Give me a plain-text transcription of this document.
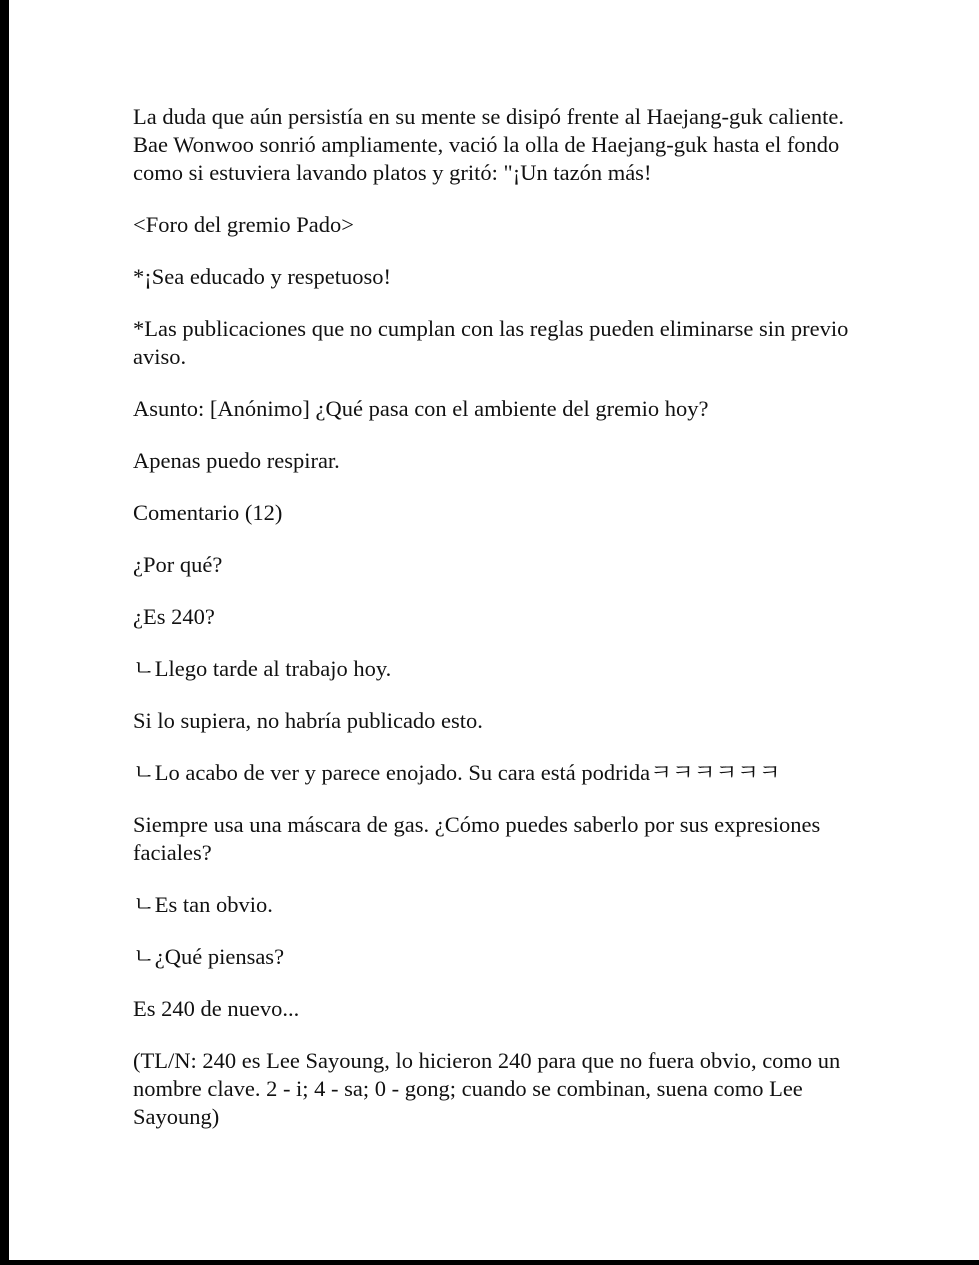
La duda que aún persistía en su mente se disipó frente al Haejang-guk caliente. Bae Wonwoo sonrió ampliamente, vació la olla de Haejang-guk hasta el fondo como si estuviera lavando platos y gritó: "¡Un tazón más!

<Foro del gremio Pado>

*¡Sea educado y respetuoso!

*Las publicaciones que no cumplan con las reglas pueden eliminarse sin previo aviso.

Asunto: [Anónimo] ¿Qué pasa con el ambiente del gremio hoy?

Apenas puedo respirar.

Comentario (12)

¿Por qué?

¿Es 240?

ㄴLlego tarde al trabajo hoy.

Si lo supiera, no habría publicado esto.

ㄴLo acabo de ver y parece enojado. Su cara está podridaㅋㅋㅋㅋㅋㅋ

Siempre usa una máscara de gas. ¿Cómo puedes saberlo por sus expresiones faciales?

ㄴEs tan obvio.

ㄴ¿Qué piensas?

Es 240 de nuevo...

(TL/N: 240 es Lee Sayoung, lo hicieron 240 para que no fuera obvio, como un nombre clave. 2 - i; 4 - sa; 0 - gong; cuando se combinan, suena como Lee Sayoung)
